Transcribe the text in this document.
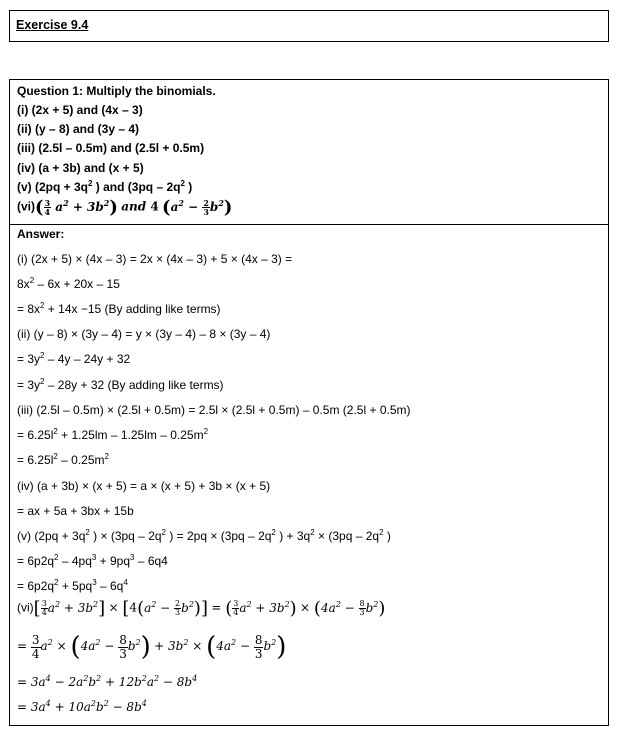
Exercise 9.4
Question 1: Multiply the binomials.
(i) (2x + 5) and (4x – 3)
(ii) (y – 8) and (3y – 4)
(iii) (2.5l – 0.5m) and (2.5l + 0.5m)
(iv) (a + 3b) and (x + 5)
(v) ($2pq + 3q^2$ ) and ($3pq - 2q^2$ )
$(vi)( \frac{3}{4} a^2 + 3b^2)$ and 4 $(a^2 - \frac{2}{3} b^2)$
Answer:
(i) (2x + 5) × (4x – 3) = 2x × (4x – 3) + 5 × (4x – 3) =
$8x^2 - 6x + 20x - 15$
= $8x^2 + 14x -15$ (By adding like terms)
(ii) (y – 8) × (3y – 4) = y × (3y – 4) – 8 × (3y – 4)
= $3y^2 - 4y - 24y + 32$
= $3y^2 - 28y + 32$ (By adding like terms)
(iii) (2.5l – 0.5m) × (2.5l + 0.5m) = 2.5l × (2.5l + 0.5m) – 0.5m (2.5l + 0.5m)
= $6.25l^2 + 1.25lm - 1.25lm - 0.25m^2$
= $6.25l^2 - 0.25m^2$
(iv) (a + 3b) × (x + 5) = a × (x + 5) + 3b × (x + 5)
= ax + 5a + 3bx + 15b
(v) ($2pq + 3q^2$ ) × ($3pq - 2q^2$ ) = $2pq \times (3pq - 2q^2$ ) + $3q^2 \times (3pq - 2q^2$ )
= $6p2q^2 - 4pq^3 + 9pq^3 - 6q4$
= $6p2q^2 + 5pq^3 - 6q^4$
$(vi)[ \frac{3}{4} a^2 + 3b^2] \times [4(a^2 - \frac{2}{3} b^2)]$ = ( $\frac{3}{4} a^2 + 3b^2) \times (4a^2 - \frac{8}{3} b^2)$
= $\frac{3}{4} a^2 \times (4a^2 - \frac{8}{3} b^2) + 3b^2 \times (4a^2 - \frac{8}{3} b^2)$
= $3a^4 - 2a^2b^2 + 12b^2a^2 - 8b^4$
= $3a^4 + 10a^2b^2 - 8b^4$
